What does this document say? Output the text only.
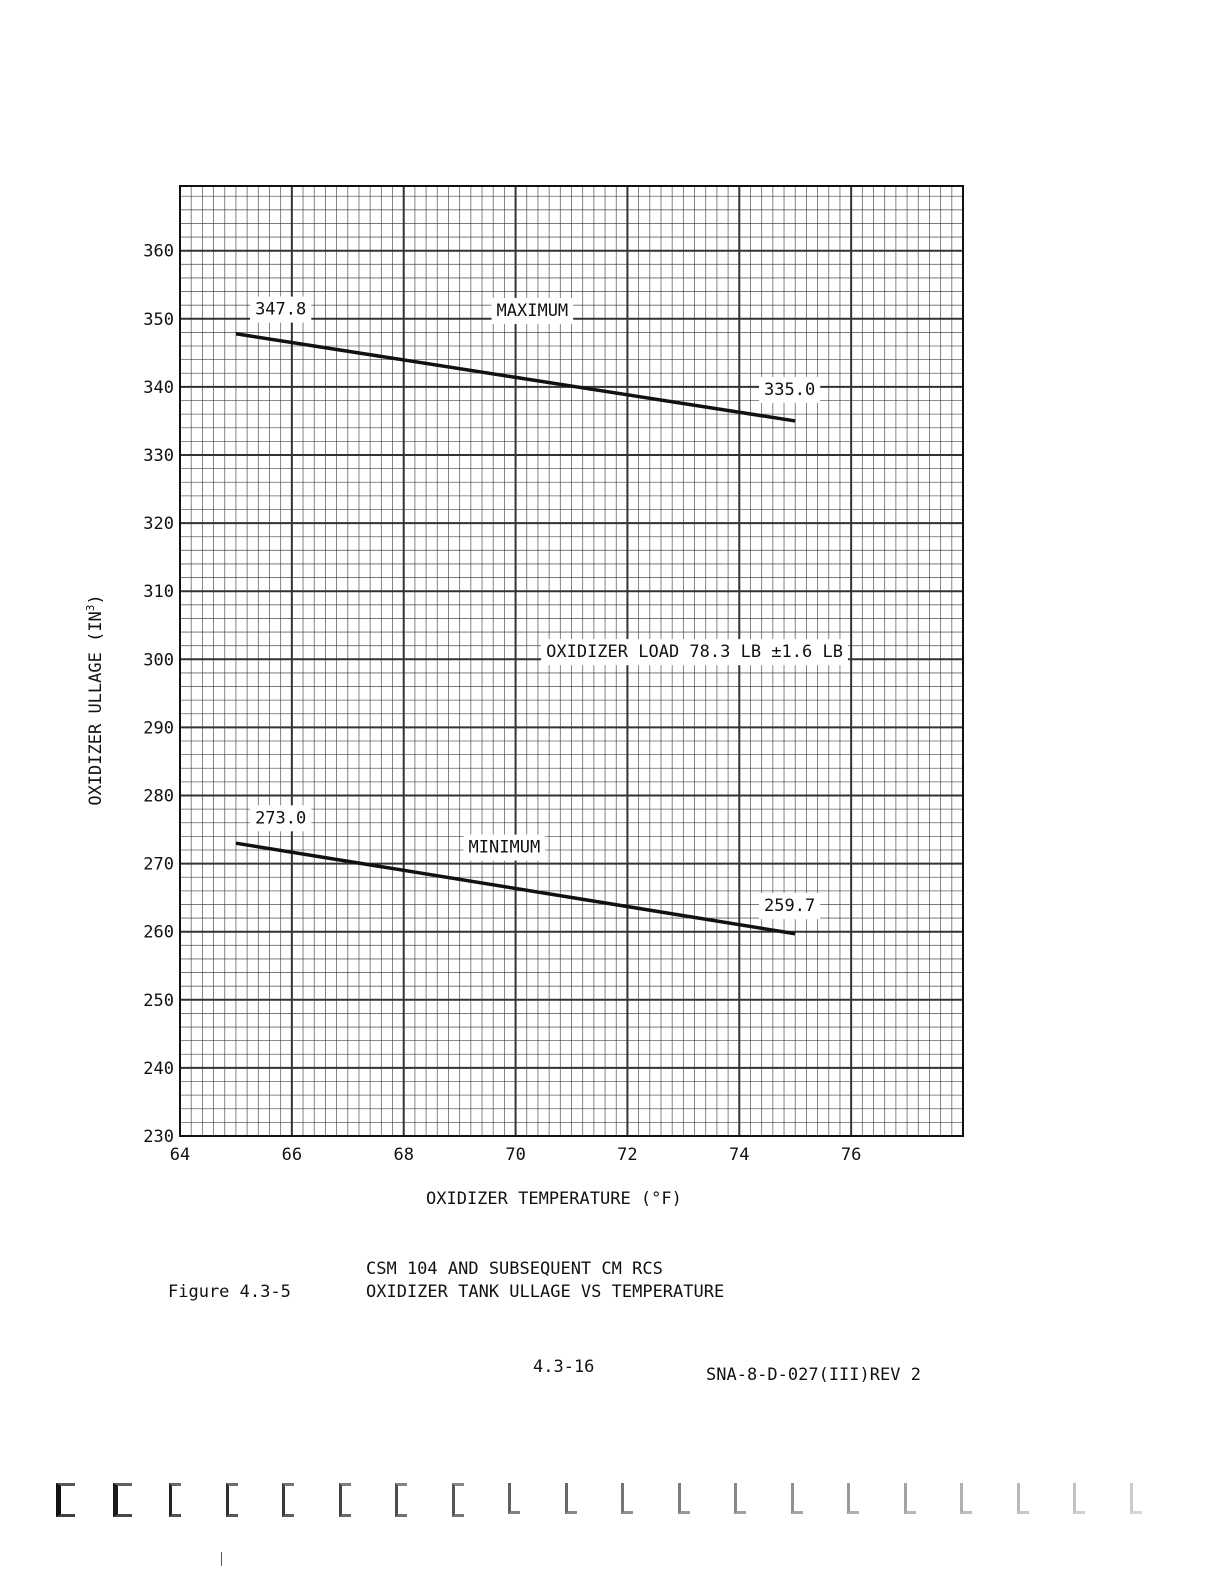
64	66	68	70	72	74	76
230
240
250
260
270
280
290
300
310
320
330
340
350
360
347.8	MAXIMUM
335.0
OXIDIZER LOAD 78.3 LB ±1.6 LB
273.0
MINIMUM
259.7
OXIDIZER ULLAGE $(IN^3)$
OXIDIZER TEMPERATURE (°F)
Figure 4.3-5
CSM 104 AND SUBSEQUENT CM RCS
OXIDIZER TANK ULLAGE VS TEMPERATURE
4.3-16	SNA-8-D-027(III)REV 2
